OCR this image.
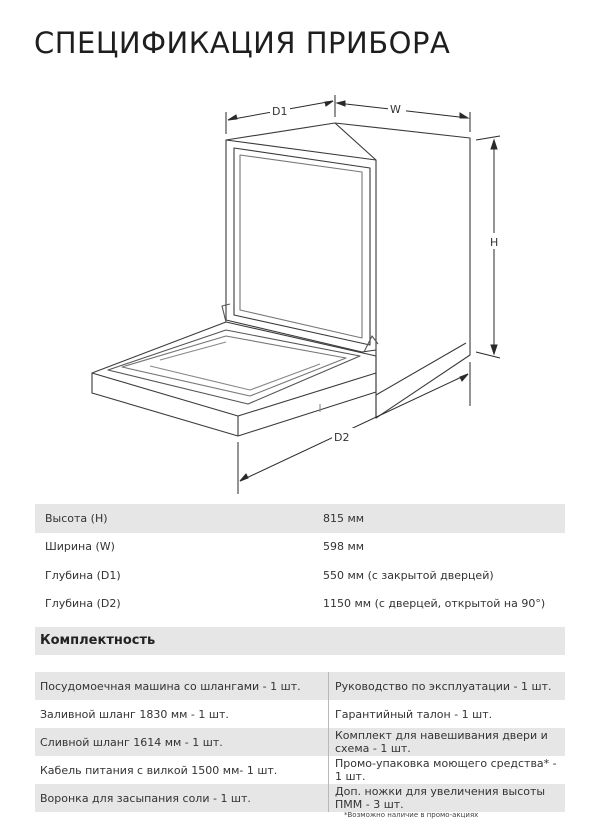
СПЕЦИФИКАЦИЯ ПРИБОРА
D1	W
H
D2
Высота (H)	815 мм
Ширина (W)	598 мм
Глубина (D1)	550 мм (с закрытой дверцей)
Глубина (D2)	1150 мм (с дверцей, открытой на 90°)
Комплектность
Посудомоечная машина со шлангами - 1 шт.	Руководство по эксплуатации - 1 шт.
Заливной шланг 1830 мм - 1 шт.	Гарантийный талон - 1 шт.
Сливной шланг 1614 мм - 1 шт.	Комплект для навешивания двери и схема - 1 шт.
Кабель питания с вилкой 1500 мм- 1 шт.	Промо-упаковка моющего средства* - 1 шт.
Воронка для засыпания соли - 1 шт.	Доп. ножки для увеличения высоты ПММ - 3 шт.
*Возможно наличие в промо-акциях
